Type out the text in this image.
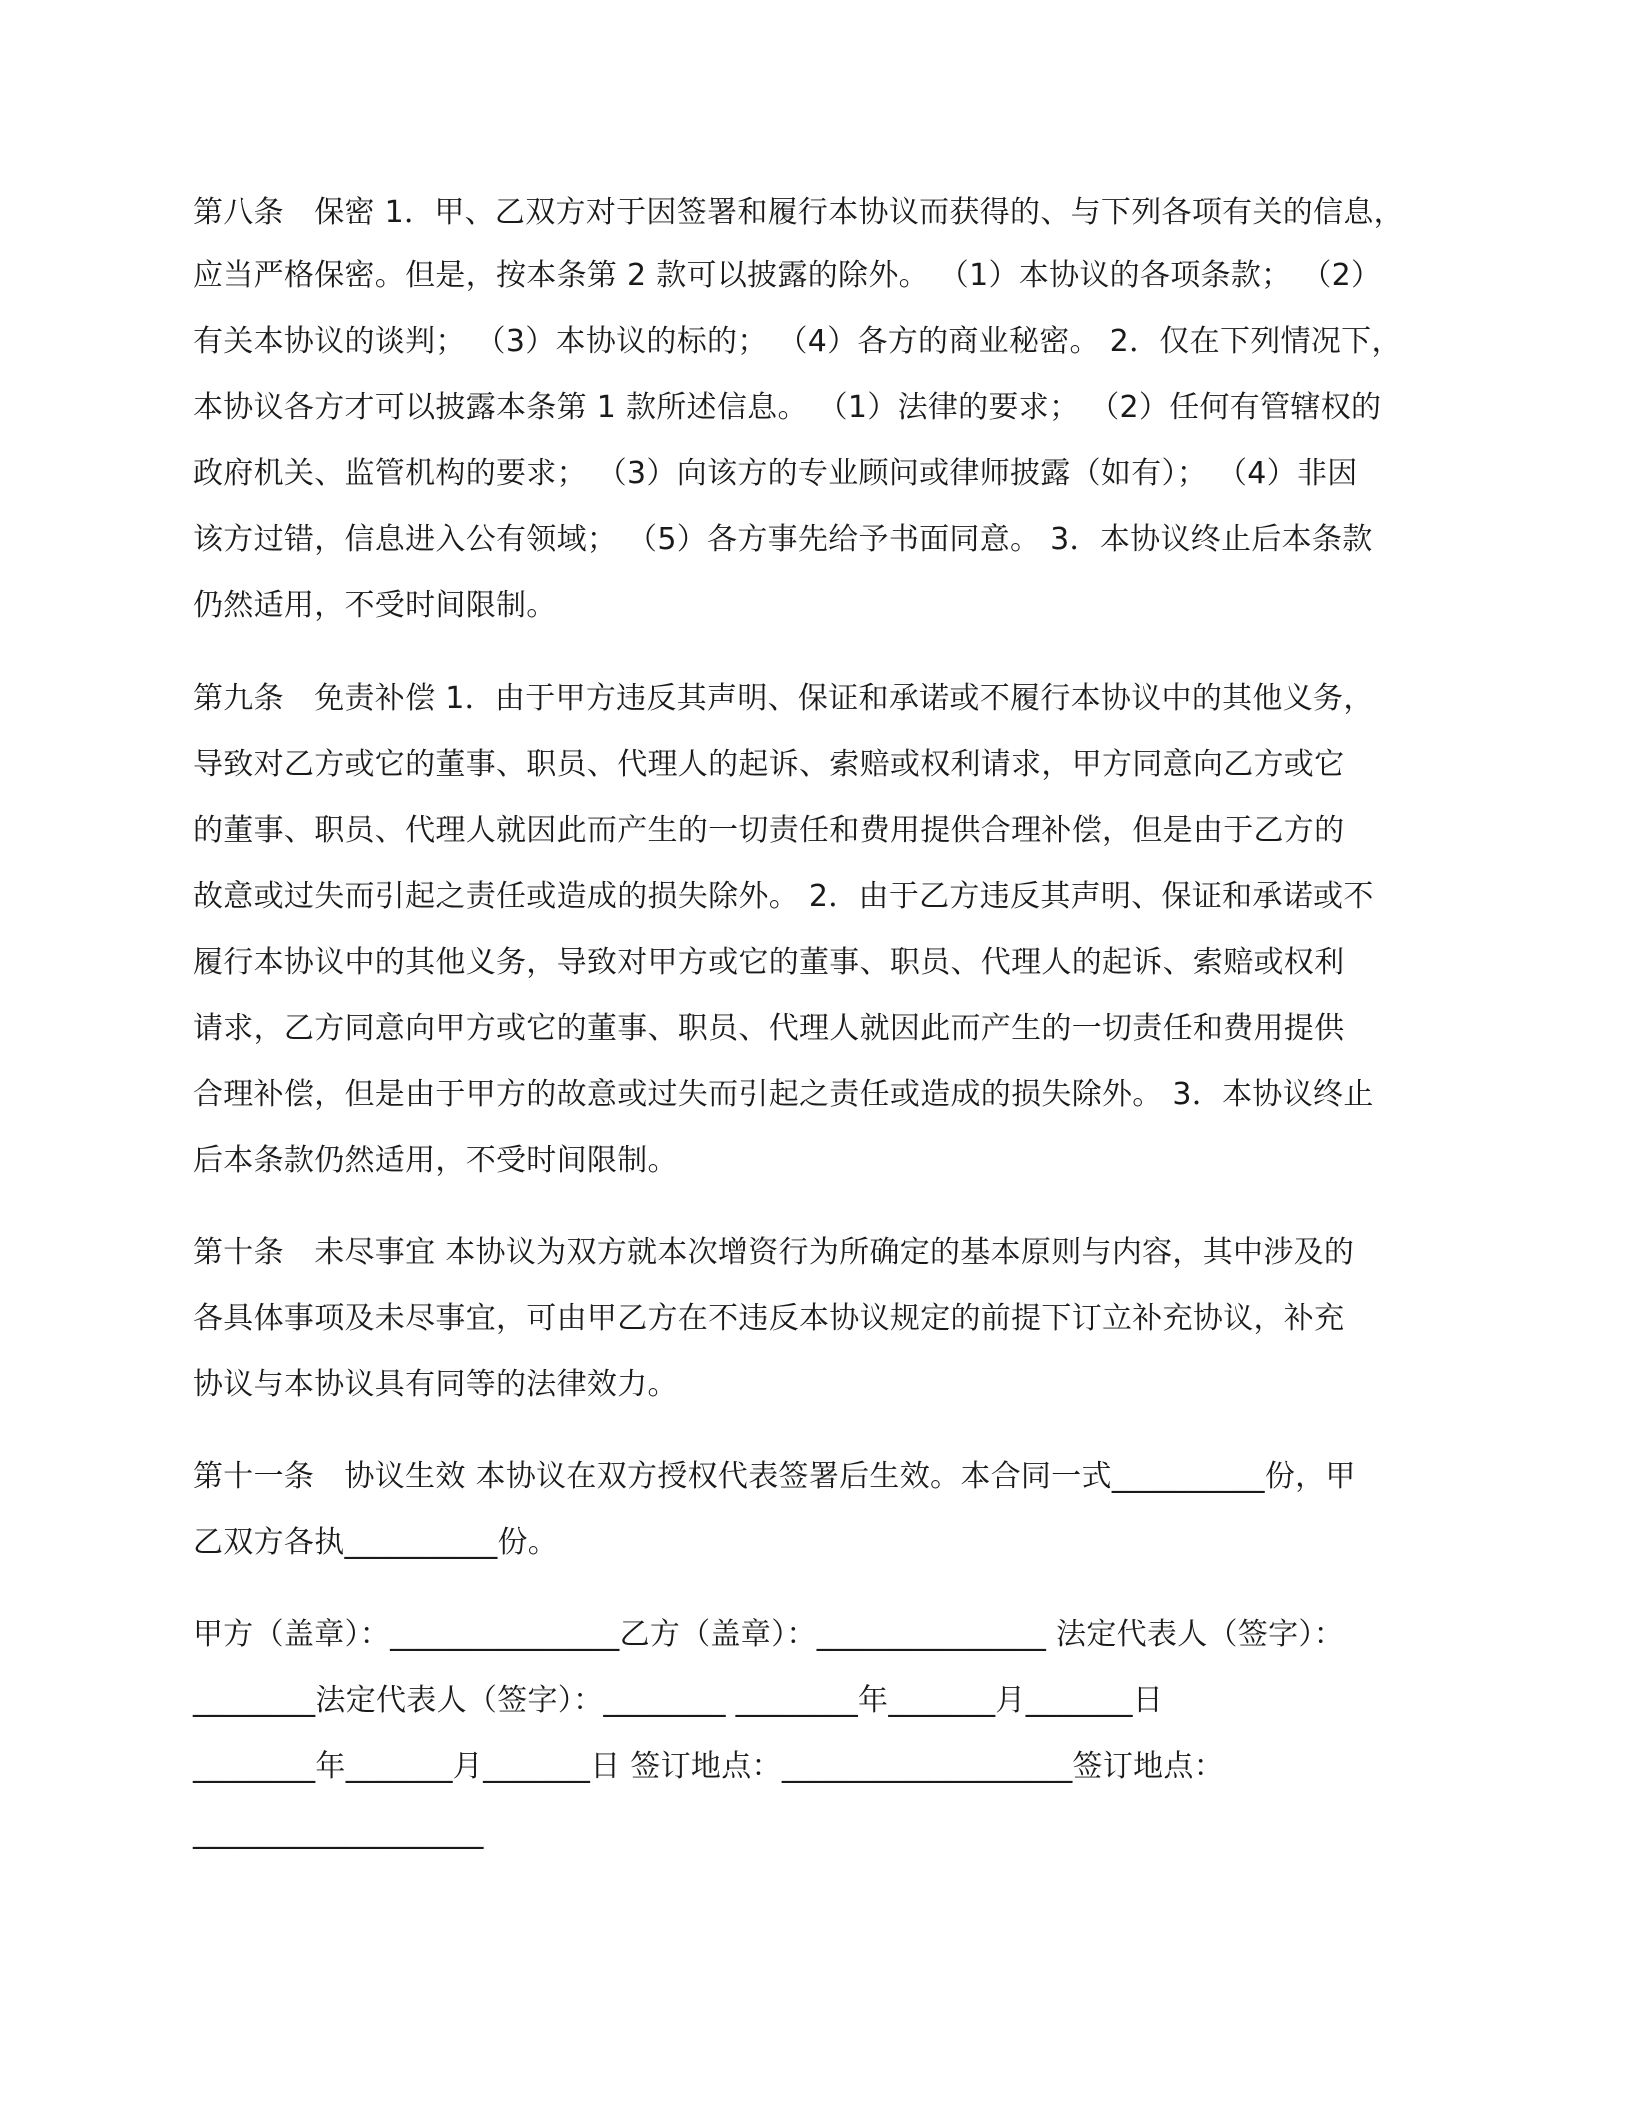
第八条　保密 1．甲、乙双方对于因签署和履行本协议而获得的、与下列各项有关的信息，
应当严格保密。但是，按本条第 2 款可以披露的除外。 （1）本协议的各项条款； （2）
有关本协议的谈判； （3）本协议的标的； （4）各方的商业秘密。 2．仅在下列情况下，
本协议各方才可以披露本条第 1 款所述信息。 （1）法律的要求； （2）任何有管辖权的
政府机关、监管机构的要求； （3）向该方的专业顾问或律师披露（如有）； （4）非因
该方过错，信息进入公有领域； （5）各方事先给予书面同意。 3．本协议终止后本条款
仍然适用，不受时间限制。
第九条　免责补偿 1．由于甲方违反其声明、保证和承诺或不履行本协议中的其他义务，
导致对乙方或它的董事、职员、代理人的起诉、索赔或权利请求，甲方同意向乙方或它
的董事、职员、代理人就因此而产生的一切责任和费用提供合理补偿，但是由于乙方的
故意或过失而引起之责任或造成的损失除外。 2．由于乙方违反其声明、保证和承诺或不
履行本协议中的其他义务，导致对甲方或它的董事、职员、代理人的起诉、索赔或权利
请求，乙方同意向甲方或它的董事、职员、代理人就因此而产生的一切责任和费用提供
合理补偿，但是由于甲方的故意或过失而引起之责任或造成的损失除外。 3．本协议终止
后本条款仍然适用，不受时间限制。
第十条　未尽事宜 本协议为双方就本次增资行为所确定的基本原则与内容，其中涉及的
各具体事项及未尽事宜，可由甲乙方在不违反本协议规定的前提下订立补充协议，补充
协议与本协议具有同等的法律效力。
第十一条　协议生效 本协议在双方授权代表签署后生效。本合同一式__________份，甲
乙双方各执__________份。
甲方（盖章）：_______________乙方（盖章）：_______________ 法定代表人（签字）：
________法定代表人（签字）：________ ________年_______月_______日
________年_______月_______日 签订地点：___________________签订地点：
___________________
